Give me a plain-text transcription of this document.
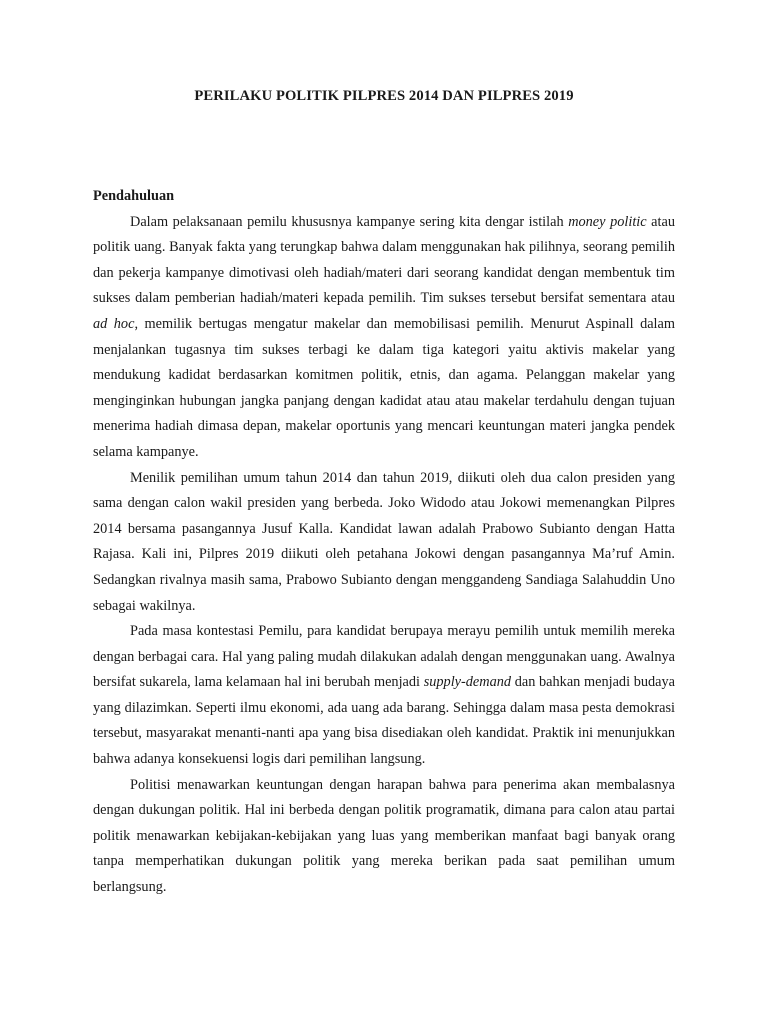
PERILAKU POLITIK PILPRES 2014 DAN PILPRES 2019

Pendahuluan

Dalam pelaksanaan pemilu khususnya kampanye sering kita dengar istilah money politic atau politik uang. Banyak fakta yang terungkap bahwa dalam menggunakan hak pilihnya, seorang pemilih dan pekerja kampanye dimotivasi oleh hadiah/materi dari seorang kandidat dengan membentuk tim sukses dalam pemberian hadiah/materi kepada pemilih. Tim sukses tersebut bersifat sementara atau ad hoc, memilik bertugas mengatur makelar dan memobilisasi pemilih. Menurut Aspinall dalam menjalankan tugasnya tim sukses terbagi ke dalam tiga kategori yaitu aktivis makelar yang mendukung kadidat berdasarkan komitmen politik, etnis, dan agama. Pelanggan makelar yang menginginkan hubungan jangka panjang dengan kadidat atau atau makelar terdahulu dengan tujuan menerima hadiah dimasa depan, makelar oportunis yang mencari keuntungan materi jangka pendek selama kampanye.

Menilik pemilihan umum tahun 2014 dan tahun 2019, diikuti oleh dua calon presiden yang sama dengan calon wakil presiden yang berbeda. Joko Widodo atau Jokowi memenangkan Pilpres 2014 bersama pasangannya Jusuf Kalla. Kandidat lawan adalah Prabowo Subianto dengan Hatta Rajasa. Kali ini, Pilpres 2019 diikuti oleh petahana Jokowi dengan pasangannya Ma’ruf Amin. Sedangkan rivalnya masih sama, Prabowo Subianto dengan menggandeng Sandiaga Salahuddin Uno sebagai wakilnya.

Pada masa kontestasi Pemilu, para kandidat berupaya merayu pemilih untuk memilih mereka dengan berbagai cara. Hal yang paling mudah dilakukan adalah dengan menggunakan uang. Awalnya bersifat sukarela, lama kelamaan hal ini berubah menjadi supply-demand dan bahkan menjadi budaya yang dilazimkan. Seperti ilmu ekonomi, ada uang ada barang. Sehingga dalam masa pesta demokrasi tersebut, masyarakat menanti-nanti apa yang bisa disediakan oleh kandidat. Praktik ini menunjukkan bahwa adanya konsekuensi logis dari pemilihan langsung.

Politisi menawarkan keuntungan dengan harapan bahwa para penerima akan membalasnya dengan dukungan politik. Hal ini berbeda dengan politik programatik, dimana para calon atau partai politik menawarkan kebijakan-kebijakan yang luas yang memberikan manfaat bagi banyak orang tanpa memperhatikan dukungan politik yang mereka berikan pada saat pemilihan umum berlangsung.
